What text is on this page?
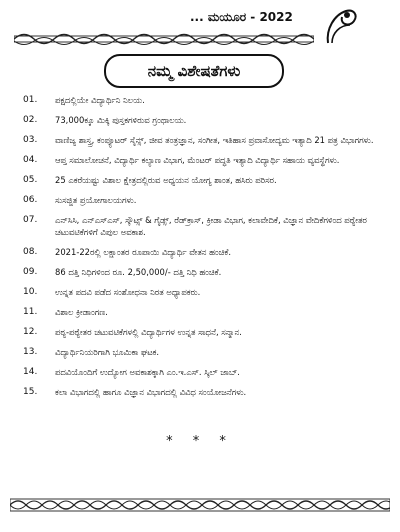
... ಮಯೂರ - 2022
ನಮ್ಮ ವಿಶೇಷತೆಗಳು
01.	ಪಕ್ಷದಲ್ಲಿಯೇ ವಿದ್ಯಾರ್ಥಿನಿ ನಿಲಯ.
02.	73,000ಕ್ಕೂ ಮಿಕ್ಕಿ ಪುಸ್ತಕಗಳಿರುವ ಗ್ರಂಥಾಲಯ.
03.	ವಾಣಿಜ್ಯ ಶಾಸ್ತ್ರ, ಕಂಪ್ಯೂಟರ್ ಸೈನ್ಸ್, ಜೀವ ತಂತ್ರಜ್ಞಾನ, ಸಂಗೀತ, ಇತಿಹಾಸ ಪ್ರವಾಸೋದ್ಯಮ ಇತ್ಯಾದಿ 21 ಪತ್ರ ವಿಭಾಗಗಳು.
04.	ಆಪ್ತ ಸಮಾಲೋಚನೆ, ವಿದ್ಯಾರ್ಥಿ ಕಲ್ಯಾಣ ವಿಭಾಗ, ಮೆಂಟರ್ ಪದ್ಧತಿ ಇತ್ಯಾದಿ ವಿದ್ಯಾರ್ಥಿ ಸಹಾಯ ವ್ಯವಸ್ಥೆಗಳು.
05.	25 ಎಕರೆಯಷ್ಟು ವಿಶಾಲ ಕ್ಷೇತ್ರದಲ್ಲಿರುವ ಅಧ್ಯಯನ ಯೋಗ್ಯ ಶಾಂತ, ಹಸಿರು ಪರಿಸರ.
06.	ಸುಸಜ್ಜಿತ ಪ್ರಯೋಗಾಲಯಗಳು.
07.	ಎನ್‌ಸಿಸಿ, ಎನ್‌ಎಸ್‌ಎಸ್, ಸ್ಕೌಟ್ಸ್ & ಗೈಡ್ಸ್, ರೆಡ್‌ಕ್ರಾಸ್, ಕ್ರೀಡಾ ವಿಭಾಗ, ಕಲಾವೇದಿಕೆ, ವಿಜ್ಞಾನ ವೇದಿಕೆಗಳಿಂದ ಪಠ್ಯೇತರ ಚಟುವಟಿಕೆಗಳಿಗೆ ವಿಪುಲ ಅವಕಾಶ.
08.	2021-22ರಲ್ಲಿ ಲಕ್ಷಾಂತರ ರೂಪಾಯಿ ವಿದ್ಯಾರ್ಥಿ ವೇತನ ಹಂಚಿಕೆ.
09.	86 ದತ್ತಿ ನಿಧಿಗಳಿಂದ ರೂ. 2,50,000/- ದತ್ತಿ ನಿಧಿ ಹಂಚಿಕೆ.
10.	ಉನ್ನತ ಪದವಿ ಪಡೆದ ಸಂಶೋಧನಾ ನಿರತ ಅಧ್ಯಾಪಕರು.
11.	ವಿಶಾಲ ಕ್ರೀಡಾಂಗಣ.
12.	ಪಠ್ಯ-ಪಠ್ಯೇತರ ಚಟುವಟಿಕೆಗಳಲ್ಲಿ ವಿದ್ಯಾರ್ಥಿಗಳ ಉನ್ನತ ಸಾಧನೆ, ಸನ್ಮಾನ.
13.	ವಿದ್ಯಾರ್ಥಿನಿಯರಿಗಾಗಿ ಭೂಮಿಕಾ ಘಟಕ.
14.	ಪದವಿಯೊಂದಿಗೆ ಉದ್ಯೋಗ ಅವಕಾಶಕ್ಕಾಗಿ ಎಂ.ಇ.ಎಸ್. ಸ್ಕಿಲ್ ಜಾಬ್.
15.	ಕಲಾ ವಿಭಾಗದಲ್ಲಿ ಹಾಗೂ ವಿಜ್ಞಾನ ವಿಭಾಗದಲ್ಲಿ ವಿವಿಧ ಸಂಯೋಜನೆಗಳು.
* * *
